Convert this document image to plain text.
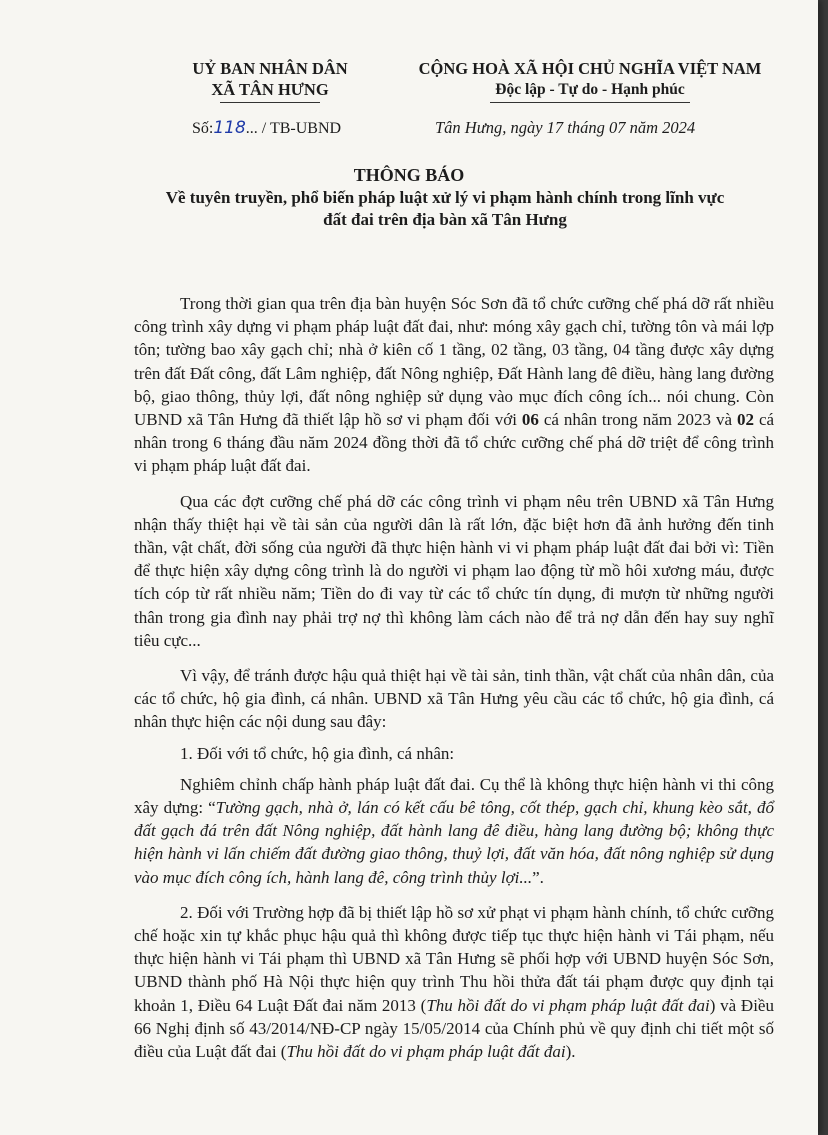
UỶ BAN NHÂN DÂN
XÃ TÂN HƯNG
CỘNG HOÀ XÃ HỘI CHỦ NGHĨA VIỆT NAM
Độc lập - Tự do - Hạnh phúc
Số:118... / TB-UBND	Tân Hưng, ngày 17 tháng 07 năm 2024
THÔNG BÁO
Về tuyên truyền, phổ biến pháp luật xử lý vi phạm hành chính trong lĩnh vực
đất đai trên địa bàn xã Tân Hưng

Trong thời gian qua trên địa bàn huyện Sóc Sơn đã tổ chức cưỡng chế phá dỡ rất nhiều công trình xây dựng vi phạm pháp luật đất đai, như: móng xây gạch chỉ, tường tôn và mái lợp tôn; tường bao xây gạch chỉ; nhà ở kiên cố 1 tầng, 02 tầng, 03 tầng, 04 tầng được xây dựng trên đất Đất công, đất Lâm nghiệp, đất Nông nghiệp, Đất Hành lang đê điều, hàng lang đường bộ, giao thông, thủy lợi, đất nông nghiệp sử dụng vào mục đích công ích... nói chung. Còn UBND xã Tân Hưng đã thiết lập hồ sơ vi phạm đối với 06 cá nhân trong năm 2023 và 02 cá nhân trong 6 tháng đầu năm 2024 đồng thời đã tổ chức cưỡng chế phá dỡ triệt để công trình vi phạm pháp luật đất đai.

Qua các đợt cưỡng chế phá dỡ các công trình vi phạm nêu trên UBND xã Tân Hưng nhận thấy thiệt hại về tài sản của người dân là rất lớn, đặc biệt hơn đã ảnh hưởng đến tinh thần, vật chất, đời sống của người đã thực hiện hành vi vi phạm pháp luật đất đai bởi vì: Tiền để thực hiện xây dựng công trình là do người vi phạm lao động từ mồ hôi xương máu, được tích cóp từ rất nhiều năm; Tiền do đi vay từ các tổ chức tín dụng, đi mượn từ những người thân trong gia đình nay phải trợ nợ thì không làm cách nào để trả nợ dẫn đến hay suy nghĩ tiêu cực...

Vì vậy, để tránh được hậu quả thiệt hại về tài sản, tinh thần, vật chất của nhân dân, của các tổ chức, hộ gia đình, cá nhân. UBND xã Tân Hưng yêu cầu các tổ chức, hộ gia đình, cá nhân thực hiện các nội dung sau đây:

1. Đối với tổ chức, hộ gia đình, cá nhân:

Nghiêm chỉnh chấp hành pháp luật đất đai. Cụ thể là không thực hiện hành vi thi công xây dựng: “Tường gạch, nhà ở, lán có kết cấu bê tông, cốt thép, gạch chỉ, khung kèo sắt, đổ đất gạch đá trên đất Nông nghiệp, đất hành lang đê điều, hàng lang đường bộ; không thực hiện hành vi lấn chiếm đất đường giao thông, thuỷ lợi, đất văn hóa, đất nông nghiệp sử dụng vào mục đích công ích, hành lang đê, công trình thủy lợi...”.

2. Đối với Trường hợp đã bị thiết lập hồ sơ xử phạt vi phạm hành chính, tổ chức cưỡng chế hoặc xin tự khắc phục hậu quả thì không được tiếp tục thực hiện hành vi Tái phạm, nếu thực hiện hành vi Tái phạm thì UBND xã Tân Hưng sẽ phối hợp với UBND huyện Sóc Sơn, UBND thành phố Hà Nội thực hiện quy trình Thu hồi thửa đất tái phạm được quy định tại khoản 1, Điều 64 Luật Đất đai năm 2013 (Thu hồi đất do vi phạm pháp luật đất đai) và Điều 66 Nghị định số 43/2014/NĐ-CP ngày 15/05/2014 của Chính phủ về quy định chi tiết một số điều của Luật đất đai (Thu hồi đất do vi phạm pháp luật đất đai).
